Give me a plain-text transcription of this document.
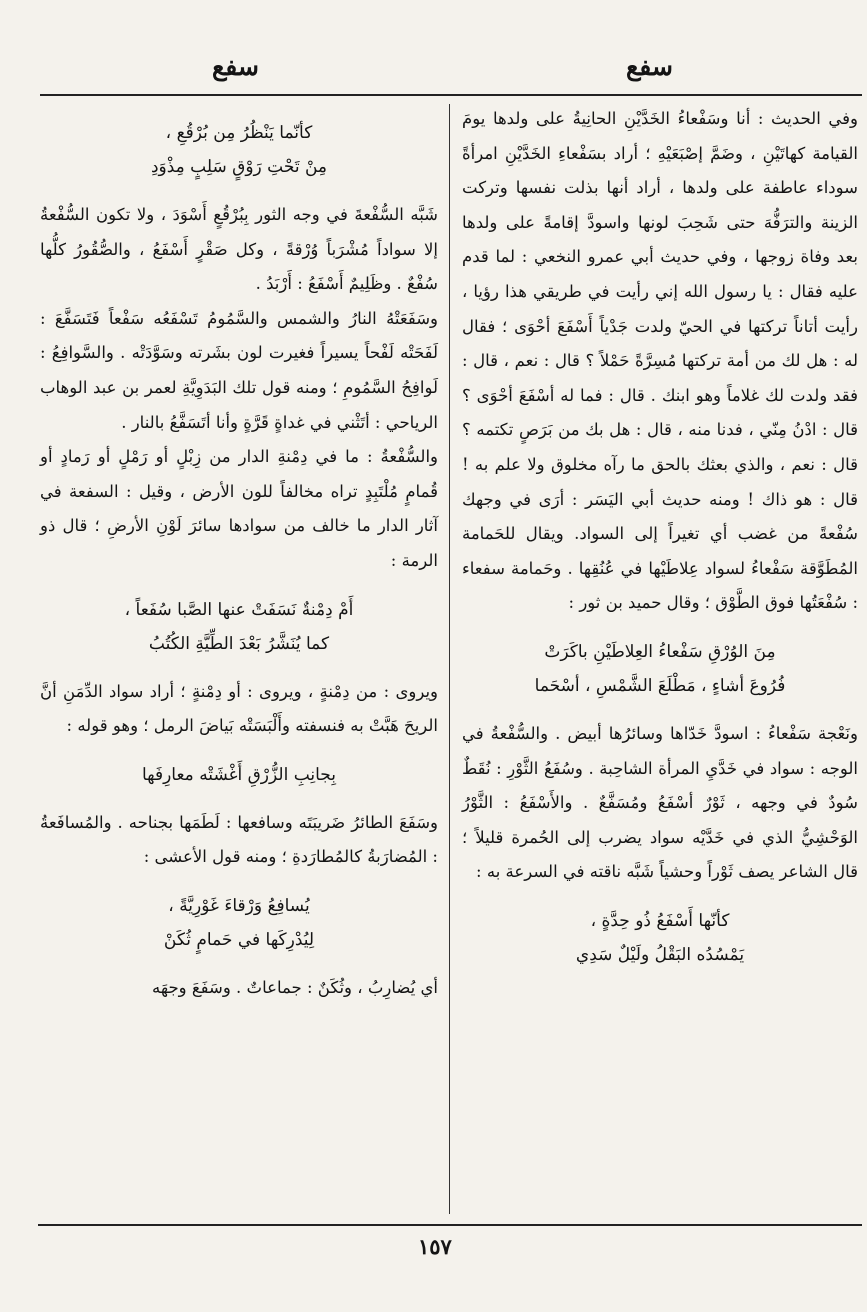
سفع
سفع

وفي الحديث : أنا وسَفْعاءُ الخَدَّيْنِ الحانِيةُ على ولدها يومَ القيامة كهاتَيْنِ ، وضَمَّ إصْبَعَيْهِ ؛ أراد بسَفْعاءِ الخَدَّيْنِ امرأةً سوداء عاطفة على ولدها ، أراد أنها بذلت نفسها وتركت الزينة والترَفُّهَ حتى شَحِبَ لونها واسودَّ إقامةً على ولدها بعد وفاة زوجها ، وفي حديث أبي عمرو النخعي : لما قدم عليه فقال : يا رسول الله إني رأيت في طريقي هذا رؤيا ، رأيت أتاناً تركتها في الحيّ ولدت جَدْياً أَسْفَعَ أحْوَى ؛ فقال له : هل لك من أمة تركتها مُسِرَّةً حَمْلاً ؟ قال : نعم ، قال : فقد ولدت لك غلاماً وهو ابنك . قال : فما له أسْفَعَ أحْوَى ؟ قال : ادْنُ مِنّي ، فدنا منه ، قال : هل بك من بَرَصٍ تكتمه ؟ قال : نعم ، والذي بعثك بالحق ما رآه مخلوق ولا علم به ! قال : هو ذاك ! ومنه حديث أبي اليَسَر : أرَى في وجهك سُفْعةً من غضب أي تغيراً إلى السواد. ويقال للحَمامة المُطَوَّقة سَفْعاءُ لسواد عِلاطَيْها في عُنُقِها . وحَمامة سفعاء : سُفْعَتُها فوق الطَّوْق ؛ وقال حميد بن ثور :

مِنَ الوُرْقِ سَفْعاءُ العِلاطَيْنِ باكَرَتْ

فُرُوعَ أشاءٍ ، مَطْلَعَ الشَّمْسِ ، أسْحَما

ونَعْجة سَفْعاءُ : اسودَّ خَدّاها وسائرُها أبيض . والسُّفْعةُ في الوجه : سواد في خَدَّيِ المرأة الشاحِبة . وسُفَعُ الثَّوْرِ : نُقَطٌ سُودٌ في وجهه ، ثَوْرٌ أسْفَعُ ومُسَفَّعٌ . والأَسْفَعُ : الثَّوْرُ الوَحْشِيُّ الذي في خَدَّيْه سواد يضرب إلى الحُمرة قليلاً ؛ قال الشاعر يصف ثَوْراً وحشياً شَبَّه ناقته في السرعة به :

كأنّها أَسْفَعُ ذُو حِدَّةٍ ،

يَمْسُدُه البَقْلُ ولَيْلٌ سَدِي

كأنّما يَنْظُرُ مِن بُرْقُعِ ،

مِنْ تَحْتِ رَوْقٍ سَلِبٍ مِذْوَدِ

شَبَّه السُّفْعةَ في وجه الثور بِبُرْقُعٍ أَسْوَدَ ، ولا تكون السُّفْعةُ إلا سواداً مُشْرَباً وُرْقةً ، وكل صَقْرٍ أَسْفَعُ ، والصُّقُورُ كلُّها سُفْعٌ . وظَلِيمٌ أَسْفَعُ : أَرْبَدُ .

وسَفَعَتْهُ النارُ والشمس والسَّمُومُ تَسْفَعُه سَفْعاً فَتَسَفَّعَ : لَفَحَتْه لَفْحاً يسيراً فغيرت لون بشَرته وسَوَّدَتْه . والسَّوافِعُ : لَوافِحُ السَّمُومِ ؛ ومنه قول تلك البَدَوِيَّةِ لعمر بن عبد الوهاب الرياحي : أتَثْني في غداةٍ قَرَّةٍ وأنا أتَسَفَّعُ بالنار .

والسُّفْعةُ : ما في دِمْنةِ الدار من زِبْلٍ أو رَمْلٍ أو رَمادٍ أو قُمامٍ مُلْتَبِدٍ تراه مخالفاً للون الأرض ، وقيل : السفعة في آثار الدار ما خالف من سوادها سائرَ لَوْنِ الأرضِ ؛ قال ذو الرمة :

أَمْ دِمْنةٌ نَسَفَتْ عنها الصَّبا سُفَعاً ،

كما يُنَشَّرُ بَعْدَ الطِّيَّةِ الكُتُبُ

ويروى : من دِمْنةٍ ، ويروى : أو دِمْنةٍ ؛ أراد سواد الدِّمَنِ أنَّ الريحَ هَبَّتْ به فنسفته وأَلْبَسَتْه بَياضَ الرمل ؛ وهو قوله :

بِجانِبِ الزُّرْقِ أَغْشَتْه معارِفَها

وسَفَعَ الطائرُ ضَريبَتَه وسافعها : لَطَمَها بجناحه . والمُسافَعةُ : المُضارَبةُ كالمُطارَدةِ ؛ ومنه قول الأعشى :

يُسافِعُ وَرْقاءَ غَوْرِيَّةً ،

لِيُدْرِكَها في حَمامٍ ثُكَنْ

أي يُضارِبُ ، وثُكَنٌ : جماعاتٌ . وسَفَعَ وجهَه

١٥٧
